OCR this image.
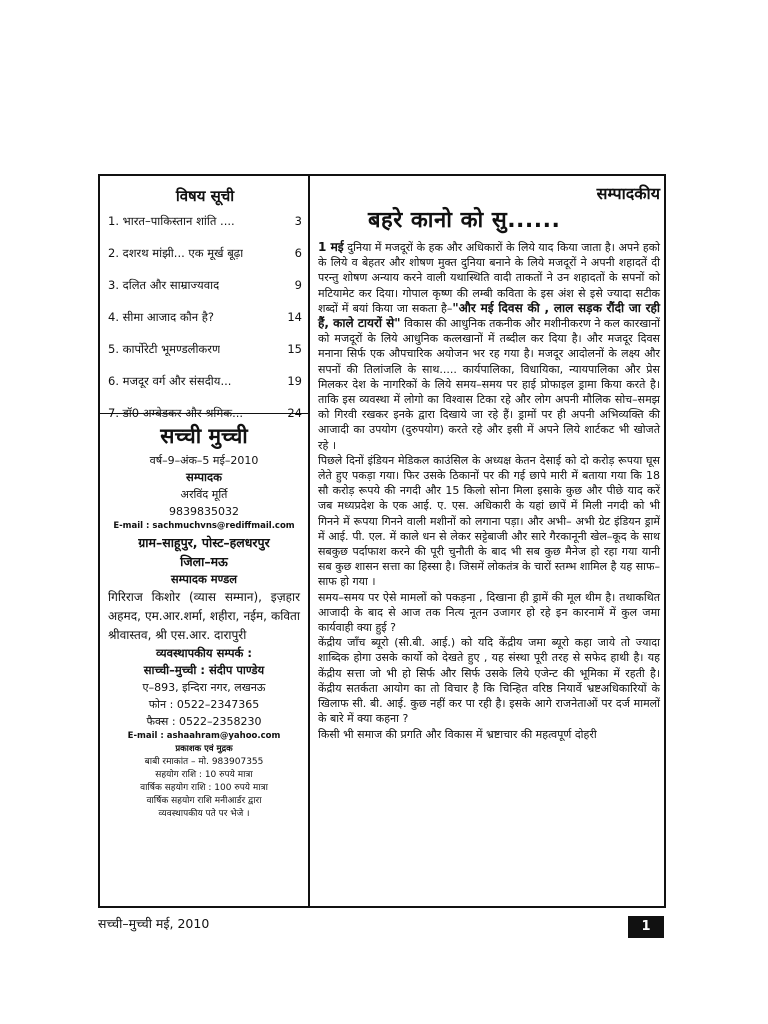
विषय सूची
1. भारत–पाकिस्तान शांति ....	3
2. दशरथ मांझी... एक मूर्ख बूढ़ा	6
3. दलित और साम्राज्यवाद	9
4. सीमा आजाद कौन है?	14
5. कार्पोरेटी भूमण्डलीकरण	15
6. मजदूर वर्ग और संसदीय...	19
7. डॉ0 अम्बेडकर और श्रमिक...	24
सच्ची मुच्ची
वर्ष–9–अंक–5 मई–2010
सम्पादक
अरविंद मूर्ति
9839835032
E-mail : sachmuchvns@rediffmail.com
ग्राम–साहूपुर, पोस्ट–हलधरपुर
जिला–मऊ
सम्पादक मण्डल
गिरिराज किशोर (व्यास सम्मान), इज़हार अहमद, एम.आर.शर्मा, शहीरा, नईम, कविता श्रीवास्तव, श्री एस.आर. दारापुरी
व्यवस्थापकीय सम्पर्क :
साच्ची–मुच्ची : संदीप पाण्डेय
ए–893, इन्दिरा नगर, लखनऊ
फोन : 0522–2347365
फैक्स : 0522–2358230
E-mail : ashaahram@yahoo.com
प्रकाशक एवं मुद्रक
बाबी रमाकांत – मो. 983907355
सहयोग राशि : 10 रुपये मात्रा
वार्षिक सहयोग राशि : 100 रुपये मात्रा
वार्षिक सहयोग राशि मनीआर्डर द्वारा
व्यवस्थापकीय पते पर भेजे ।
सम्पादकीय
बहरे कानो को सु......
1 मई दुनिया में मजदूरों के हक और अधिकारों के लिये याद किया जाता है। अपने हको के लिये व बेहतर और शोषण मुक्त दुनिया बनाने के लिये मजदूरों ने अपनी शहादतें दी परन्तु शोषण अन्याय करने वाली यथास्थिति वादी ताकतों ने उन शहादतों के सपनों को मटियामेट कर दिया। गोपाल कृष्ण की लम्बी कविता के इस अंश से इसे ज्यादा सटीक शब्दों में बयां किया जा सकता है–"और मई दिवस की , लाल सड़क रौंदी जा रही हैं, काले टायरों से" विकास की आधुनिक तकनीक और मशीनीकरण ने कल कारखानों को मजदूरों के लिये आधुनिक कत्लखानों में तब्दील कर दिया है। और मजदूर दिवस मनाना सिर्फ एक औपचारिक अयोजन भर रह गया है। मजदूर आदोलनों के लक्ष्य और सपनों की तिलांजलि के साथ..... कार्यपालिका, विधायिका, न्यायपालिका और प्रेस मिलकर देश के नागरिकों के लिये समय–समय पर हाई प्रोफाइल ड्रामा किया करते है। ताकि इस व्यवस्था में लोगो का विश्वास टिका रहे और लोग अपनी मौलिक सोच–समझ को गिरवी रखकर इनके द्वारा दिखाये जा रहे हैं। ड्रामों पर ही अपनी अभिव्यक्ति की आजादी का उपयोग (दुरुपयोग) करते रहे और इसी में अपने लिये शार्टकट भी खोजते रहे ।
पिछले दिनों इंडियन मेडिकल काउंसिल के अध्यक्ष केतन देसाई को दो करोड़ रूपया घूस लेते हुए पकड़ा गया। फिर उसके ठिकानों पर की गई छापे मारी में बताया गया कि 18 सौ करोड़ रूपये की नगदी और 15 किलो सोना मिला इसाके कुछ और पीछे याद करें जब मध्यप्रदेश के एक आई. ए. एस. अधिकारी के यहां छापें में मिली नगदी को भी गिनने में रूपया गिनने वाली मशीनों को लगाना पड़ा। और अभी– अभी ग्रेट इंडियन ड्रामें में आई. पी. एल. में काले धन से लेकर सट्टेबाजी और सारे गैरकानूनी खेल–कूद के साथ सबकुछ पर्दाफाश करने की पूरी चुनौती के बाद भी सब कुछ मैनेज हो रहा गया यानी सब कुछ शासन सत्ता का हिस्सा है। जिसमें लोकतंत्र के चारों स्तम्भ शामिल है यह साफ–साफ हो गया ।
समय–समय पर ऐसे मामलों को पकड़ना , दिखाना ही ड्रामें की मूल थीम है। तथाकथित आजादी के बाद से आज तक नित्य नूतन उजागर हो रहे इन कारनामें में कुल जमा कार्यवाही क्या हुई ?
केंद्रीय जाँच ब्यूरो (सी.बी. आई.) को यदि केंद्रीय जमा ब्यूरो कहा जाये तो ज्यादा शाब्दिक होगा उसके कार्यो को देखते हुए , यह संस्था पूरी तरह से सफेद हाथी है। यह केंद्रीय सत्ता जो भी हो सिर्फ और सिर्फ उसके लिये एजेन्ट की भूमिका में रहती है। केंद्रीय सतर्कता आयोग का तो विचार है कि चिन्हित वरिष्ठ नियार्वे भ्रष्टअधिकारियों के खिलाफ सी. बी. आई. कुछ नहीं कर पा रही है। इसके आगे राजनेताओं पर दर्ज मामलों के बारे में क्या कहना ?
किसी भी समाज की प्रगति और विकास में भ्रष्टाचार की महत्वपूर्ण दोहरी
सच्ची–मुच्ची मई, 2010	1
